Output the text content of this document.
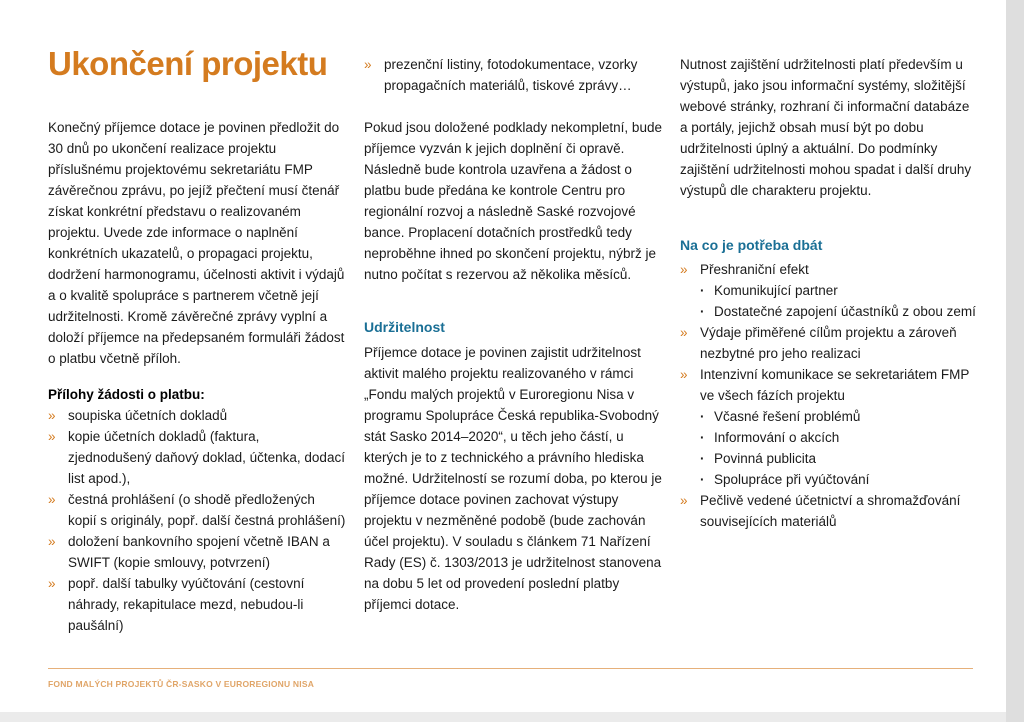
Ukončení projektu

Konečný příjemce dotace je povinen předložit do 30 dnů po ukončení realizace projektu příslušnému projektovému sekretariátu FMP závěrečnou zprávu, po jejíž přečtení musí čtenář získat konkrétní představu o realizovaném projektu. Uvede zde informace o naplnění konkrétních ukazatelů, o propagaci projektu, dodržení harmonogramu, účelnosti aktivit i výdajů a o kvalitě spolupráce s partnerem včetně její udržitelnosti. Kromě závěrečné zprávy vyplní a doloží příjemce na předepsaném formuláři žádost o platbu včetně příloh.

Přílohy žádosti o platbu:

» soupiska účetních dokladů
» kopie účetních dokladů (faktura, zjednodušený daňový doklad, účtenka, dodací list apod.),
» čestná prohlášení (o shodě předložených kopií s originály, popř. další čestná prohlášení)
» doložení bankovního spojení včetně IBAN a SWIFT (kopie smlouvy, potvrzení)
» popř. další tabulky vyúčtování (cestovní náhrady, rekapitulace mezd, nebudou-li paušální)
» prezenční listiny, fotodokumentace, vzorky propagačních materiálů, tiskové zprávy…

Pokud jsou doložené podklady nekompletní, bude příjemce vyzván k jejich doplnění či opravě. Následně bude kontrola uzavřena a žádost o platbu bude předána ke kontrole Centru pro regionální rozvoj a následně Saské rozvojové bance. Proplacení dotačních prostředků tedy neproběhne ihned po skončení projektu, nýbrž je nutno počítat s rezervou až několika měsíců.

Udržitelnost

Příjemce dotace je povinen zajistit udržitelnost aktivit malého projektu realizovaného v rámci „Fondu malých projektů v Euroregionu Nisa v programu Spolupráce Česká republika-Svobodný stát Sasko 2014–2020“, u těch jeho částí, u kterých je to z technického a právního hlediska možné. Udržitelností se rozumí doba, po kterou je příjemce dotace povinen zachovat výstupy projektu v nezměněné podobě (bude zachován účel projektu). V souladu s článkem 71 Nařízení Rady (ES) č. 1303/2013 je udržitelnost stanovena na dobu 5 let od provedení poslední platby příjemci dotace.

Nutnost zajištění udržitelnosti platí především u výstupů, jako jsou informační systémy, složitější webové stránky, rozhraní či informační databáze a portály, jejichž obsah musí být po dobu udržitelnosti úplný a aktuální. Do podmínky zajištění udržitelnosti mohou spadat i další druhy výstupů dle charakteru projektu.

Na co je potřeba dbát

» Přeshraniční efekt
· Komunikující partner
· Dostatečné zapojení účastníků z obou zemí
» Výdaje přiměřené cílům projektu a zároveň nezbytné pro jeho realizaci
» Intenzivní komunikace se sekretariátem FMP ve všech fázích projektu
· Včasné řešení problémů
· Informování o akcích
· Povinná publicita
· Spolupráce při vyúčtování
» Pečlivě vedené účetnictví a shromažďování souvisejících materiálů
FOND MALÝCH PROJEKTŮ ČR-SASKO V EUROREGIONU NISA
